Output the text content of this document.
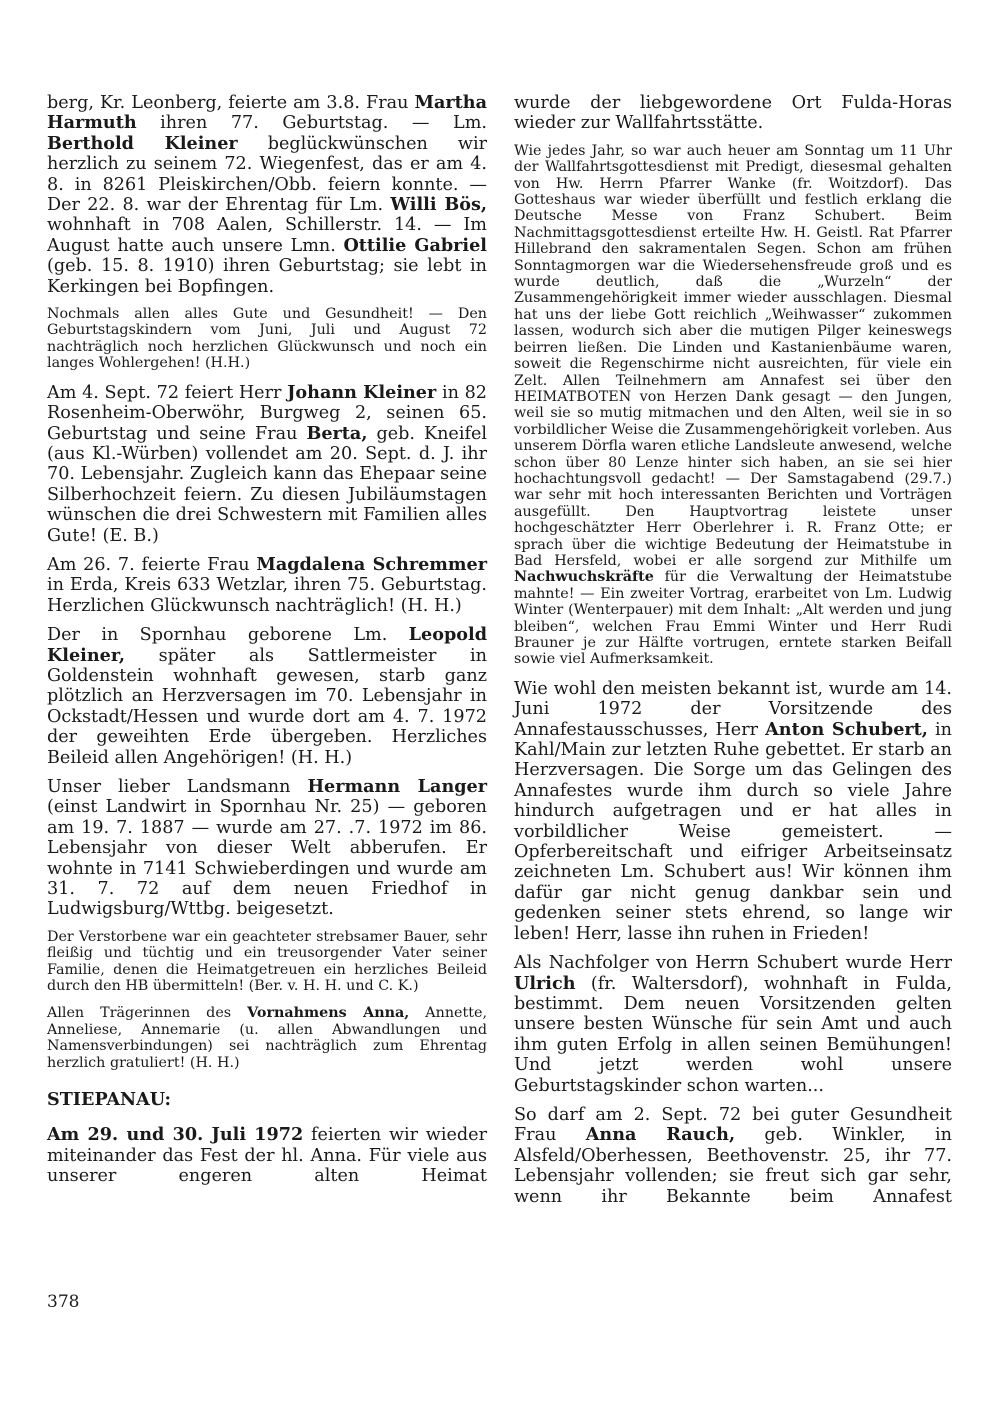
berg, Kr. Leonberg, feierte am 3.8. Frau Martha Harmuth ihren 77. Geburtstag. — Lm. Berthold Kleiner beglückwünschen wir herzlich zu seinem 72. Wiegenfest, das er am 4. 8. in 8261 Pleiskirchen/Obb. feiern konnte. — Der 22. 8. war der Ehrentag für Lm. Willi Bös, wohnhaft in 708 Aalen, Schillerstr. 14. — Im August hatte auch unsere Lmn. Ottilie Gabriel (geb. 15. 8. 1910) ihren Geburtstag; sie lebt in Kerkingen bei Bopfingen.

Nochmals allen alles Gute und Gesundheit! — Den Geburtstagskindern vom Juni, Juli und August 72 nachträglich noch herzlichen Glückwunsch und noch ein langes Wohlergehen! (H.H.)

Am 4. Sept. 72 feiert Herr Johann Kleiner in 82 Rosenheim-Oberwöhr, Burgweg 2, seinen 65. Geburtstag und seine Frau Berta, geb. Kneifel (aus Kl.-Würben) vollendet am 20. Sept. d. J. ihr 70. Lebensjahr. Zugleich kann das Ehepaar seine Silberhochzeit feiern. Zu diesen Jubiläumstagen wünschen die drei Schwestern mit Familien alles Gute! (E. B.)

Am 26. 7. feierte Frau Magdalena Schremmer in Erda, Kreis 633 Wetzlar, ihren 75. Geburtstag. Herzlichen Glückwunsch nachträglich! (H. H.)

Der in Spornhau geborene Lm. Leopold Kleiner, später als Sattlermeister in Goldenstein wohnhaft gewesen, starb ganz plötzlich an Herzversagen im 70. Lebensjahr in Ockstadt/Hessen und wurde dort am 4. 7. 1972 der geweihten Erde übergeben. Herzliches Beileid allen Angehörigen! (H. H.)

Unser lieber Landsmann Hermann Langer (einst Landwirt in Spornhau Nr. 25) — geboren am 19. 7. 1887 — wurde am 27. .7. 1972 im 86. Lebensjahr von dieser Welt abberufen. Er wohnte in 7141 Schwieberdingen und wurde am 31. 7. 72 auf dem neuen Friedhof in Ludwigsburg/Wttbg. beigesetzt.

Der Verstorbene war ein geachteter strebsamer Bauer, sehr fleißig und tüchtig und ein treusorgender Vater seiner Familie, denen die Heimatgetreuen ein herzliches Beileid durch den HB übermitteln! (Ber. v. H. H. und C. K.)

Allen Trägerinnen des Vornahmens Anna, Annette, Anneliese, Annemarie (u. allen Abwandlungen und Namensverbindungen) sei nachträglich zum Ehrentag herzlich gratuliert! (H. H.)

STIEPANAU:

Am 29. und 30. Juli 1972 feierten wir wieder miteinander das Fest der hl. Anna. Für viele aus unserer engeren alten Heimat

wurde der liebgewordene Ort Fulda-Horas wieder zur Wallfahrtsstätte.

Wie jedes Jahr, so war auch heuer am Sonntag um 11 Uhr der Wallfahrtsgottesdienst mit Predigt, diesesmal gehalten von Hw. Herrn Pfarrer Wanke (fr. Woitzdorf). Das Gotteshaus war wieder überfüllt und festlich erklang die Deutsche Messe von Franz Schubert. Beim Nachmittagsgottesdienst erteilte Hw. H. Geistl. Rat Pfarrer Hillebrand den sakramentalen Segen. Schon am frühen Sonntagmorgen war die Wiedersehensfreude groß und es wurde deutlich, daß die „Wurzeln“ der Zusammengehörigkeit immer wieder ausschlagen. Diesmal hat uns der liebe Gott reichlich „Weihwasser“ zukommen lassen, wodurch sich aber die mutigen Pilger keineswegs beirren ließen. Die Linden und Kastanienbäume waren, soweit die Regenschirme nicht ausreichten, für viele ein Zelt. Allen Teilnehmern am Annafest sei über den HEIMATBOTEN von Herzen Dank gesagt — den Jungen, weil sie so mutig mitmachen und den Alten, weil sie in so vorbildlicher Weise die Zusammengehörigkeit vorleben. Aus unserem Dörfla waren etliche Landsleute anwesend, welche schon über 80 Lenze hinter sich haben, an sie sei hier hochachtungsvoll gedacht! — Der Samstagabend (29.7.) war sehr mit hoch interessanten Berichten und Vorträgen ausgefüllt. Den Hauptvortrag leistete unser hochgeschätzter Herr Oberlehrer i. R. Franz Otte; er sprach über die wichtige Bedeutung der Heimatstube in Bad Hersfeld, wobei er alle sorgend zur Mithilfe um Nachwuchskräfte für die Verwaltung der Heimatstube mahnte! — Ein zweiter Vortrag, erarbeitet von Lm. Ludwig Winter (Wenterpauer) mit dem Inhalt: „Alt werden und jung bleiben“, welchen Frau Emmi Winter und Herr Rudi Brauner je zur Hälfte vortrugen, erntete starken Beifall sowie viel Aufmerksamkeit.

Wie wohl den meisten bekannt ist, wurde am 14. Juni 1972 der Vorsitzende des Annafestausschusses, Herr Anton Schubert, in Kahl/Main zur letzten Ruhe gebettet. Er starb an Herzversagen. Die Sorge um das Gelingen des Annafestes wurde ihm durch so viele Jahre hindurch aufgetragen und er hat alles in vorbildlicher Weise gemeistert. — Opferbereitschaft und eifriger Arbeitseinsatz zeichneten Lm. Schubert aus! Wir können ihm dafür gar nicht genug dankbar sein und gedenken seiner stets ehrend, so lange wir leben! Herr, lasse ihn ruhen in Frieden!

Als Nachfolger von Herrn Schubert wurde Herr Ulrich (fr. Waltersdorf), wohnhaft in Fulda, bestimmt. Dem neuen Vorsitzenden gelten unsere besten Wünsche für sein Amt und auch ihm guten Erfolg in allen seinen Bemühungen! Und jetzt werden wohl unsere Geburtstagskinder schon warten...

So darf am 2. Sept. 72 bei guter Gesundheit Frau Anna Rauch, geb. Winkler, in Alsfeld/Oberhessen, Beethovenstr. 25, ihr 77. Lebensjahr vollenden; sie freut sich gar sehr, wenn ihr Bekannte beim Annafest

378
